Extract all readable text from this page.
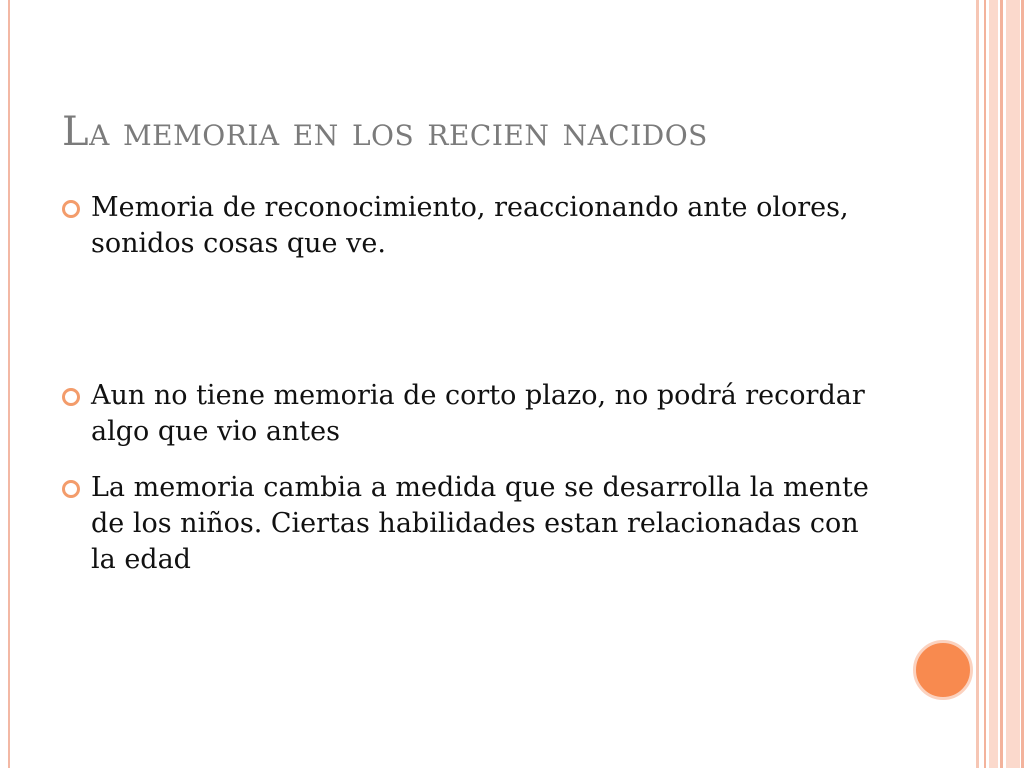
La memoria en los recien nacidos
Memoria de reconocimiento, reaccionando ante olores, sonidos cosas que ve.
Aun no tiene memoria de corto plazo, no podrá recordar algo que vio antes
La memoria cambia a medida que se desarrolla la mente de los niños. Ciertas habilidades estan relacionadas con la edad
